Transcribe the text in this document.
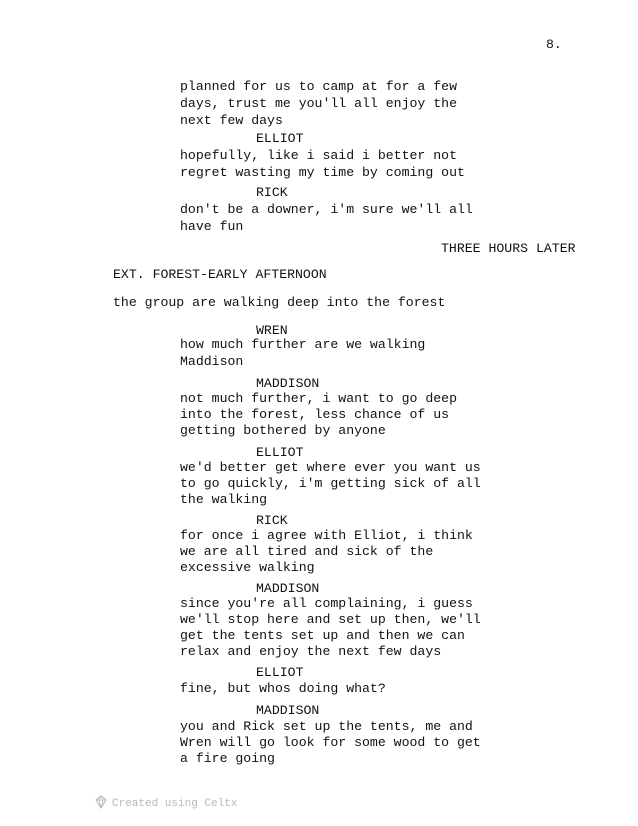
8.
planned for us to camp at for a few
days, trust me you'll all enjoy the
next few days
ELLIOT
hopefully, like i said i better not
regret wasting my time by coming out
RICK
don't be a downer, i'm sure we'll all
have fun
THREE HOURS LATER
EXT. FOREST-EARLY AFTERNOON
the group are walking deep into the forest
WREN
how much further are we walking
Maddison
MADDISON
not much further, i want to go deep
into the forest, less chance of us
getting bothered by anyone
ELLIOT
we'd better get where ever you want us
to go quickly, i'm getting sick of all
the walking
RICK
for once i agree with Elliot, i think
we are all tired and sick of the
excessive walking
MADDISON
since you're all complaining, i guess
we'll stop here and set up then, we'll
get the tents set up and then we can
relax and enjoy the next few days
ELLIOT
fine, but whos doing what?
MADDISON
you and Rick set up the tents, me and
Wren will go look for some wood to get
a fire going
Created using Celtx
